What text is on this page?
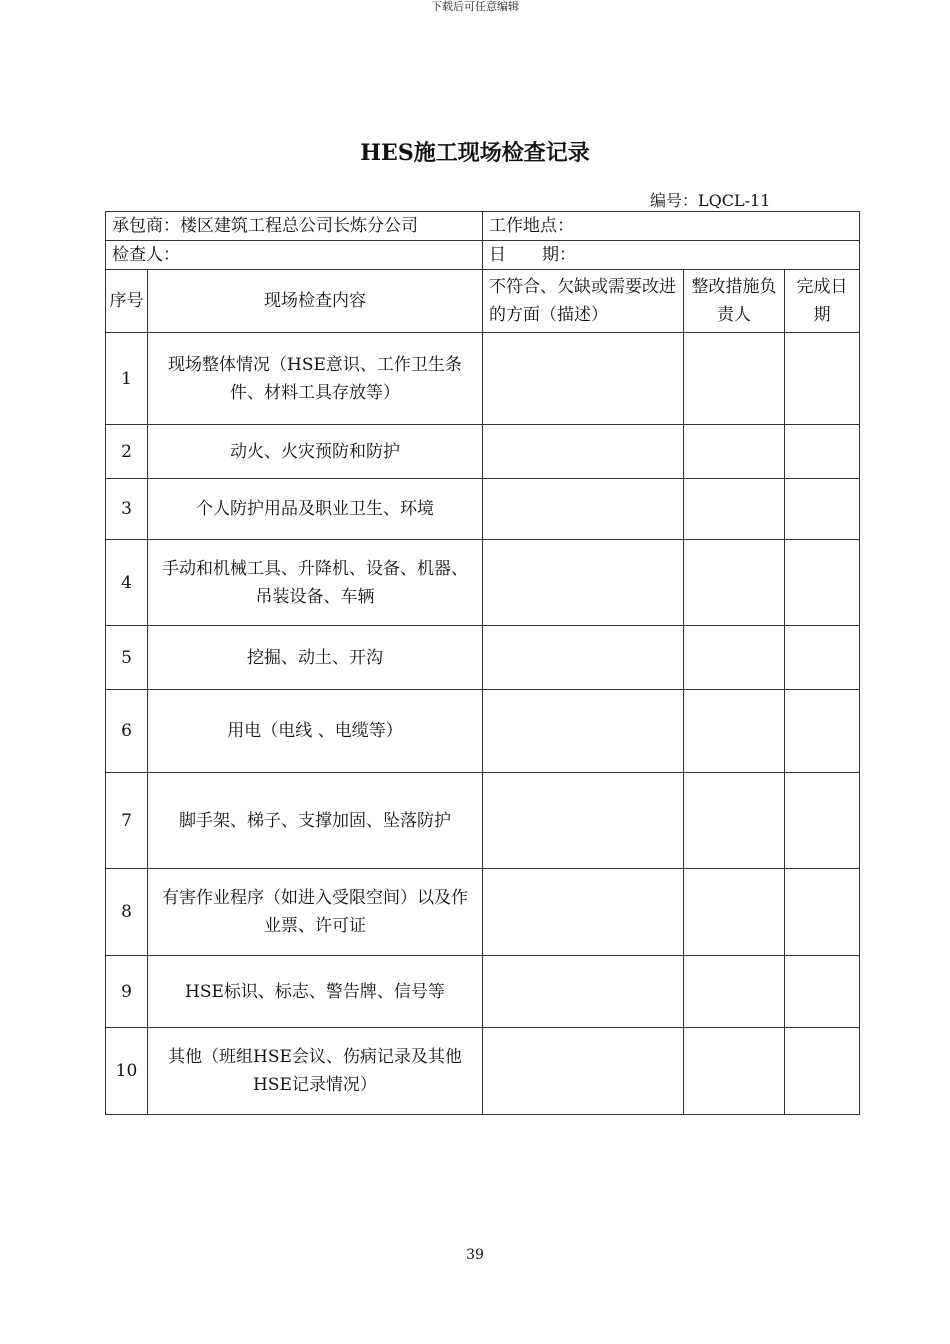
下载后可任意编辑
HES施工现场检查记录
编号：LQCL-11
承包商：楼区建筑工程总公司长炼分公司		工作地点：		
检查人：		日 期：		
序号	现场检查内容	不符合、欠缺或需要改进的方面（描述）	整改措施负责人	完成日期
1	现场整体情况（HSE意识、工作卫生条件、材料工具存放等）			
2	动火、火灾预防和防护			
3	个人防护用品及职业卫生、环境			
4	手动和机械工具、升降机、设备、机器、吊装设备、车辆			
5	挖掘、动土、开沟			
6	用电（电线 、电缆等）			
7	脚手架、梯子、支撑加固、坠落防护			
8	有害作业程序（如进入受限空间）以及作业票、许可证			
9	HSE标识、标志、警告牌、信号等			
10	其他（班组HSE会议、伤病记录及其他HSE记录情况）			
39
